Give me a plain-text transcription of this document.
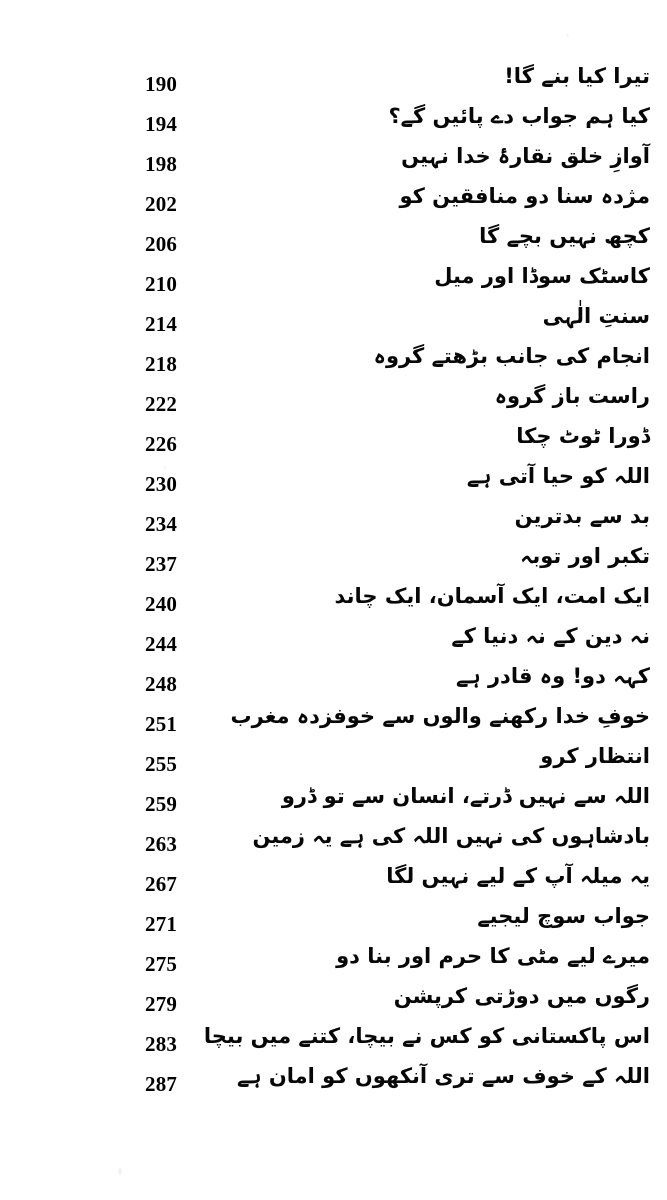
190	تیرا کیا بنے گا!
194	کیا ہم جواب دے پائیں گے؟
198	آوازِ خلق نقارۂ خدا نہیں
202	مژدہ سنا دو منافقین کو
206	کچھ نہیں بچے گا
210	کاسٹک سوڈا اور میل
214	سنتِ الٰہی
218	انجام کی جانب بڑھتے گروہ
222	راست باز گروہ
226	ڈورا ٹوٹ چکا
230	اللہ کو حیا آتی ہے
234	بد سے بدترین
237	تکبر اور توبہ
240	ایک امت، ایک آسمان، ایک چاند
244	نہ دین کے نہ دنیا کے
248	کہہ دو! وہ قادر ہے
251	خوفِ خدا رکھنے والوں سے خوفزدہ مغرب
255	انتظار کرو
259	اللہ سے نہیں ڈرتے، انسان سے تو ڈرو
263	بادشاہوں کی نہیں اللہ کی ہے یہ زمین
267	یہ میلہ آپ کے لیے نہیں لگا
271	جواب سوچ لیجیے
275	میرے لیے مٹی کا حرم اور بنا دو
279	رگوں میں دوڑتی کرپشن
283	اس پاکستانی کو کس نے بیچا، کتنے میں بیچا
287	اللہ کے خوف سے تری آنکھوں کو امان ہے
